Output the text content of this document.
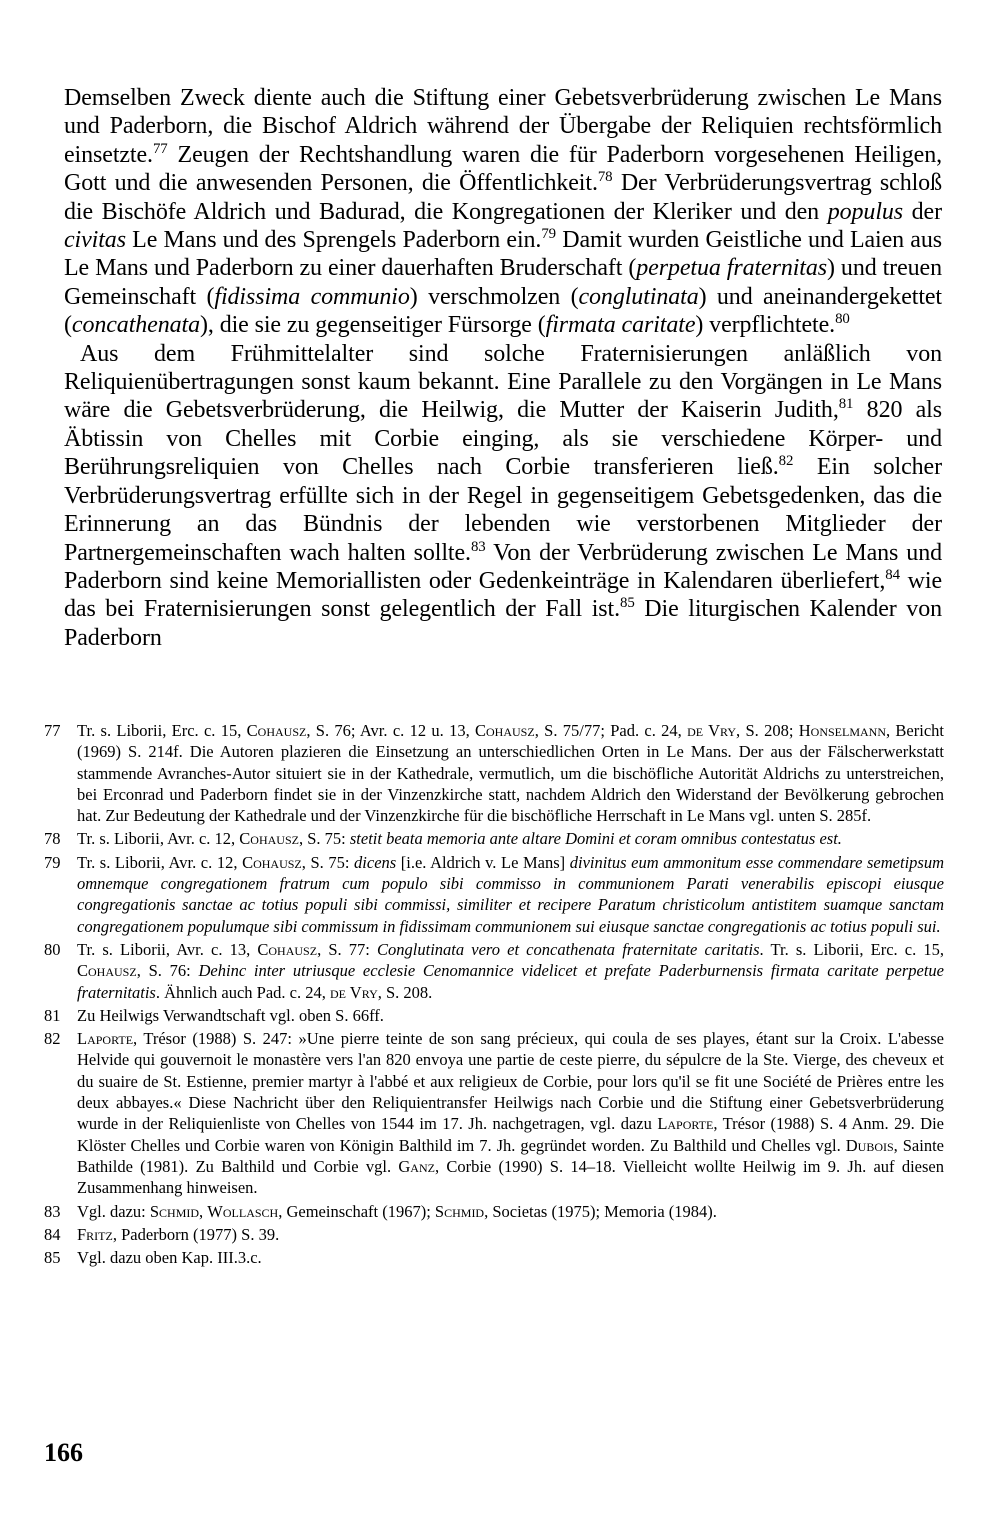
Demselben Zweck diente auch die Stiftung einer Gebetsverbrüderung zwischen Le Mans und Paderborn, die Bischof Aldrich während der Übergabe der Reliquien rechtsförmlich einsetzte.$^{77}$ Zeugen der Rechtshandlung waren die für Paderborn vorgesehenen Heiligen, Gott und die anwesenden Personen, die Öffentlichkeit.$^{78}$ Der Verbrüderungsvertrag schloß die Bischöfe Aldrich und Badurad, die Kongregationen der Kleriker und den populus der civitas Le Mans und des Sprengels Paderborn ein.$^{79}$ Damit wurden Geistliche und Laien aus Le Mans und Paderborn zu einer dauerhaften Bruderschaft (perpetua fraternitas) und treuen Gemeinschaft (fidissima communio) verschmolzen (conglutinata) und aneinandergekettet (concathenata), die sie zu gegenseitiger Fürsorge (firmata caritate) verpflichtete.$^{80}$

Aus dem Frühmittelalter sind solche Fraternisierungen anläßlich von Reliquienübertragungen sonst kaum bekannt. Eine Parallele zu den Vorgängen in Le Mans wäre die Gebetsverbrüderung, die Heilwig, die Mutter der Kaiserin Judith,$^{81}$ 820 als Äbtissin von Chelles mit Corbie einging, als sie verschiedene Körper- und Berührungsreliquien von Chelles nach Corbie transferieren ließ.$^{82}$ Ein solcher Verbrüderungsvertrag erfüllte sich in der Regel in gegenseitigem Gebetsgedenken, das die Erinnerung an das Bündnis der lebenden wie verstorbenen Mitglieder der Partnergemeinschaften wach halten sollte.$^{83}$ Von der Verbrüderung zwischen Le Mans und Paderborn sind keine Memoriallisten oder Gedenkeinträge in Kalendaren überliefert,$^{84}$ wie das bei Fraternisierungen sonst gelegentlich der Fall ist.$^{85}$ Die liturgischen Kalender von Paderborn

77	Tr. s. Liborii, Erc. c. 15, Cohausz, S. 76; Avr. c. 12 u. 13, Cohausz, S. 75/77; Pad. c. 24, de Vry, S. 208; Honselmann, Bericht (1969) S. 214f. Die Autoren plazieren die Einsetzung an unterschiedlichen Orten in Le Mans. Der aus der Fälscherwerkstatt stammende Avranches-Autor situiert sie in der Kathedrale, vermutlich, um die bischöfliche Autorität Aldrichs zu unterstreichen, bei Erconrad und Paderborn findet sie in der Vinzenzkirche statt, nachdem Aldrich den Widerstand der Bevölkerung gebrochen hat. Zur Bedeutung der Kathedrale und der Vinzenzkirche für die bischöfliche Herrschaft in Le Mans vgl. unten S. 285f.
78	Tr. s. Liborii, Avr. c. 12, Cohausz, S. 75: stetit beata memoria ante altare Domini et coram omnibus contestatus est.
79	Tr. s. Liborii, Avr. c. 12, Cohausz, S. 75: dicens [i.e. Aldrich v. Le Mans] divinitus eum ammonitum esse commendare semetipsum omnemque congregationem fratrum cum populo sibi commisso in communionem Parati venerabilis episcopi eiusque congregationis sanctae ac totius populi sibi commissi, similiter et recipere Paratum christicolum antistitem suamque sanctam congregationem populumque sibi commissum in fidissimam communionem sui eiusque sanctae congregationis ac totius populi sui.
80	Tr. s. Liborii, Avr. c. 13, Cohausz, S. 77: Conglutinata vero et concathenata fraternitate caritatis. Tr. s. Liborii, Erc. c. 15, Cohausz, S. 76: Dehinc inter utriusque ecclesie Cenomannice videlicet et prefate Paderburnensis firmata caritate perpetue fraternitatis. Ähnlich auch Pad. c. 24, de Vry, S. 208.
81	Zu Heilwigs Verwandtschaft vgl. oben S. 66ff.
82	Laporte, Trésor (1988) S. 247: »Une pierre teinte de son sang précieux, qui coula de ses playes, étant sur la Croix. L'abesse Helvide qui gouvernoit le monastère vers l'an 820 envoya une partie de ceste pierre, du sépulcre de la Ste. Vierge, des cheveux et du suaire de St. Estienne, premier martyr à l'abbé et aux religieux de Corbie, pour lors qu'il se fit une Société de Prières entre les deux abbayes.« Diese Nachricht über den Reliquientransfer Heilwigs nach Corbie und die Stiftung einer Gebetsverbrüderung wurde in der Reliquienliste von Chelles von 1544 im 17. Jh. nachgetragen, vgl. dazu Laporte, Trésor (1988) S. 4 Anm. 29. Die Klöster Chelles und Corbie waren von Königin Balthild im 7. Jh. gegründet worden. Zu Balthild und Chelles vgl. Dubois, Sainte Bathilde (1981). Zu Balthild und Corbie vgl. Ganz, Corbie (1990) S. 14–18. Vielleicht wollte Heilwig im 9. Jh. auf diesen Zusammenhang hinweisen.
83	Vgl. dazu: Schmid, Wollasch, Gemeinschaft (1967); Schmid, Societas (1975); Memoria (1984).
84	Fritz, Paderborn (1977) S. 39.
85	Vgl. dazu oben Kap. III.3.c.
166
